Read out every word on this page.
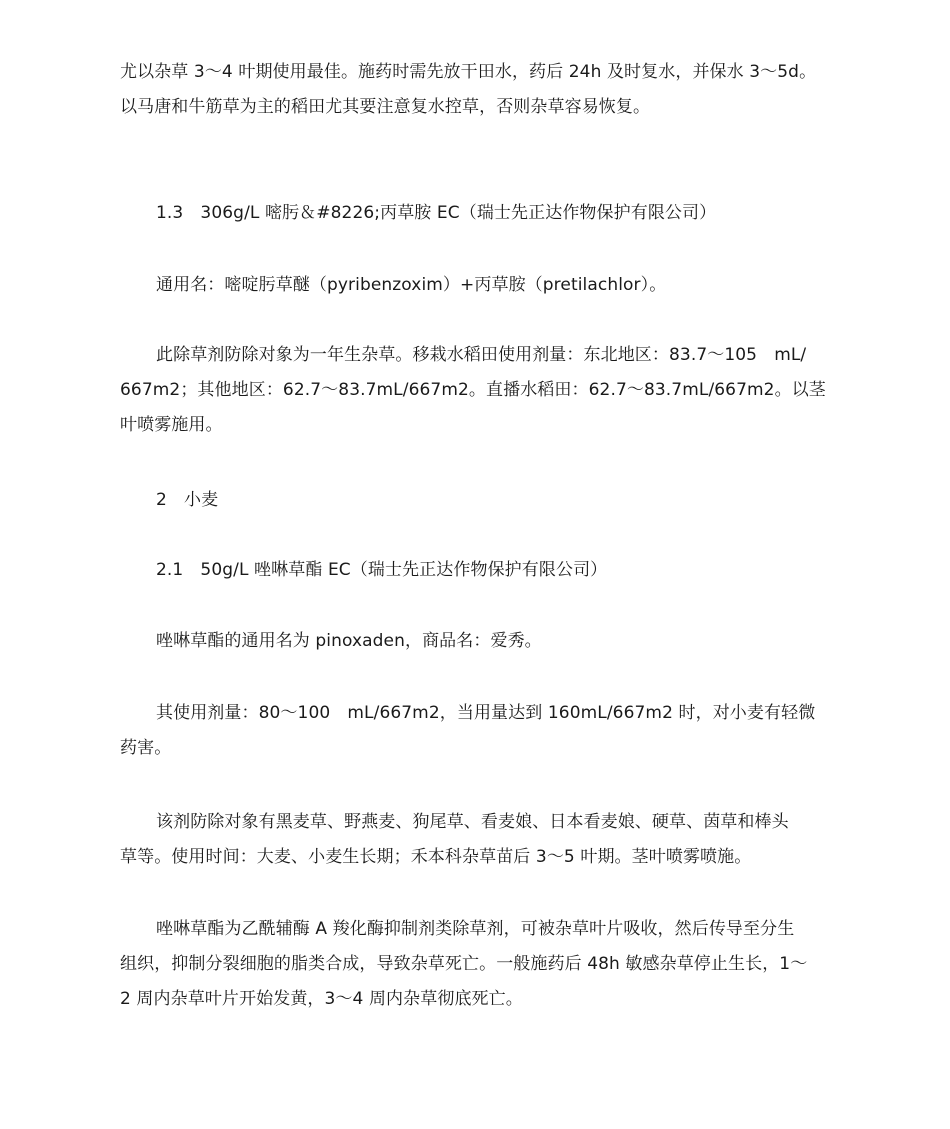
尤以杂草 3～4 叶期使用最佳。施药时需先放干田水，药后 24h 及时复水，并保水 3～5d。
以马唐和牛筋草为主的稻田尤其要注意复水控草，否则杂草容易恢复。
1.3　306g/L 嘧肟＆#8226;丙草胺 EC（瑞士先正达作物保护有限公司）
通用名：嘧啶肟草醚（pyribenzoxim）+丙草胺（pretilachlor）。
此除草剂防除对象为一年生杂草。移栽水稻田使用剂量：东北地区：83.7～105　mL/
667m2；其他地区：62.7～83.7mL/667m2。直播水稻田：62.7～83.7mL/667m2。以茎
叶喷雾施用。
2　小麦
2.1　50g/L 唑啉草酯 EC（瑞士先正达作物保护有限公司）
唑啉草酯的通用名为 pinoxaden，商品名：爱秀。
其使用剂量：80～100　mL/667m2，当用量达到 160mL/667m2 时，对小麦有轻微
药害。
该剂防除对象有黑麦草、野燕麦、狗尾草、看麦娘、日本看麦娘、硬草、茵草和棒头
草等。使用时间：大麦、小麦生长期；禾本科杂草苗后 3～5 叶期。茎叶喷雾喷施。
唑啉草酯为乙酰辅酶 A 羧化酶抑制剂类除草剂，可被杂草叶片吸收，然后传导至分生
组织，抑制分裂细胞的脂类合成，导致杂草死亡。一般施药后 48h 敏感杂草停止生长，1～
2 周内杂草叶片开始发黄，3～4 周内杂草彻底死亡。
